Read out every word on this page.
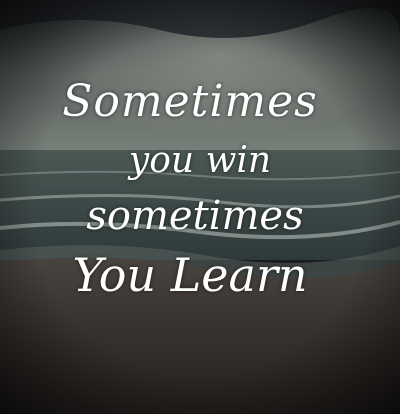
Sometimes
you win
sometimes
You Learn
